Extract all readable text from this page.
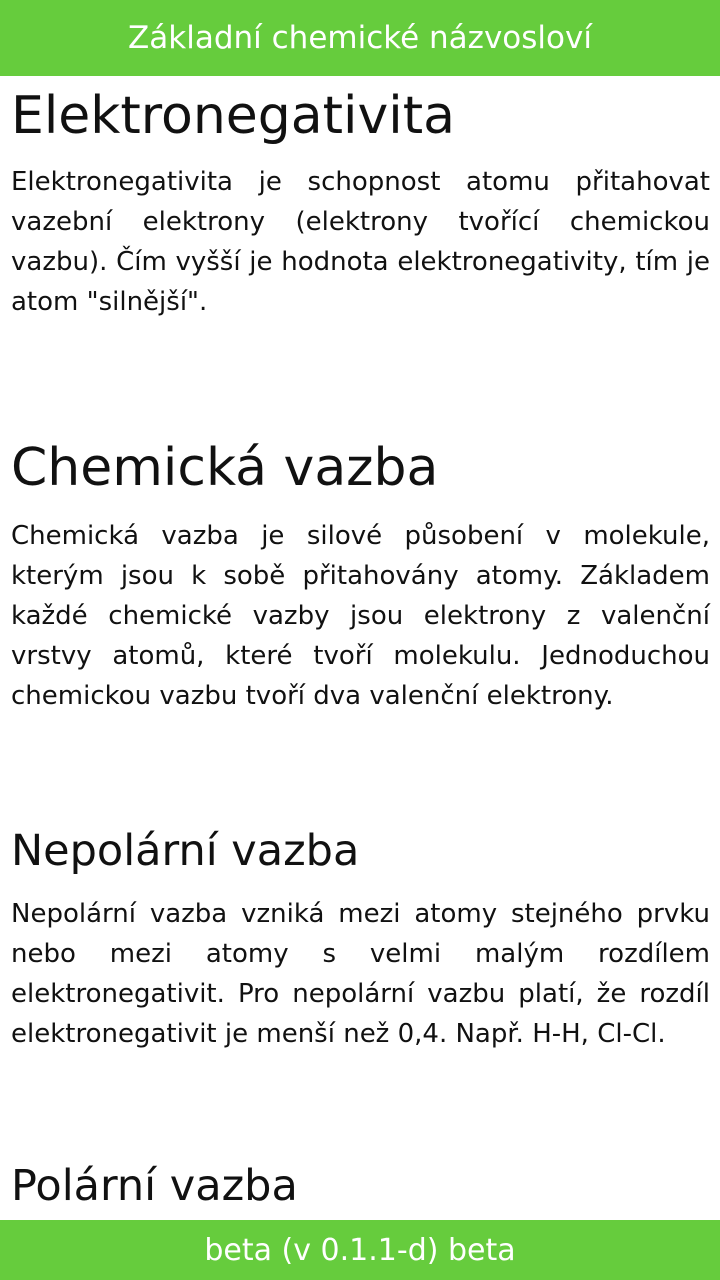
Základní chemické názvosloví
Elektronegativita

Elektronegativita je schopnost atomu přitahovat vazební elektrony (elektrony tvořící chemickou vazbu). Čím vyšší je hodnota elektronegativity, tím je atom "silnější".

Chemická vazba

Chemická vazba je silové působení v molekule, kterým jsou k sobě přitahovány atomy. Základem každé chemické vazby jsou elektrony z valenční vrstvy atomů, které tvoří molekulu. Jednoduchou chemickou vazbu tvoří dva valenční elektrony.

Nepolární vazba

Nepolární vazba vzniká mezi atomy stejného prvku nebo mezi atomy s velmi malým rozdílem elektronegativit. Pro nepolární vazbu platí, že rozdíl elektronegativit je menší než 0,4. Např. H-H, Cl-Cl.

Polární vazba
beta (v 0.1.1-d) beta
